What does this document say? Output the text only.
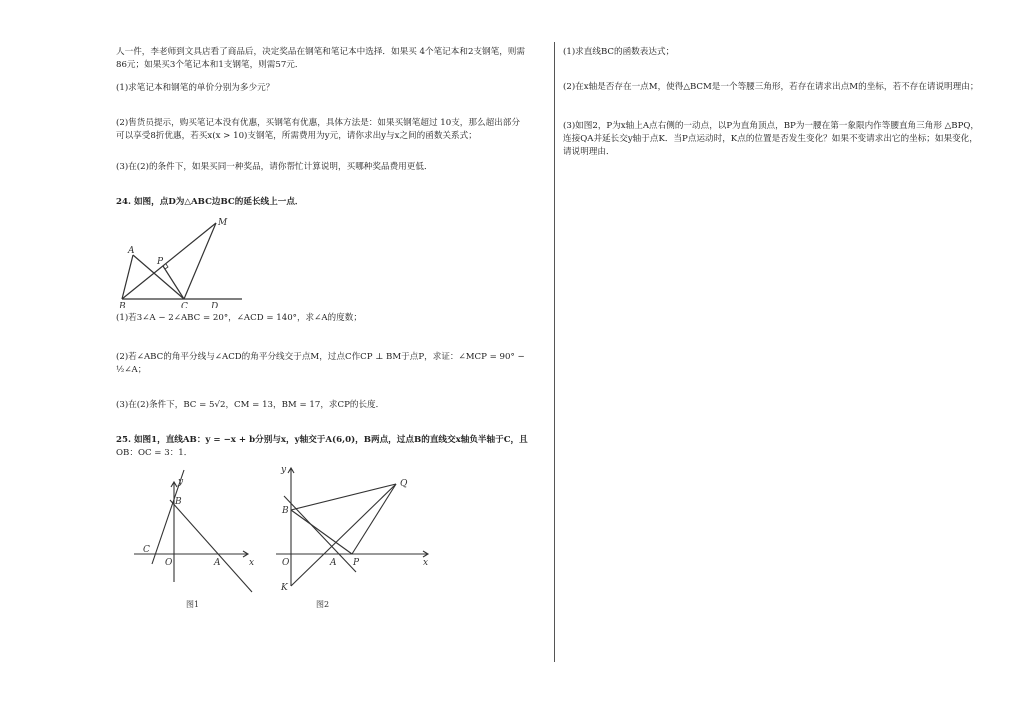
人一件，李老师到文具店看了商品后，决定奖品在钢笔和笔记本中选择．如果买 4个笔记本和2支钢笔，则需

86元；如果买3个笔记本和1支钢笔，则需57元．

(1)求笔记本和钢笔的单价分别为多少元？

(2)售货员提示，购买笔记本没有优惠，买钢笔有优惠，具体方法是：如果买钢笔超过 10支，那么超出部分

可以享受8折优惠，若买x(x > 10)支钢笔，所需费用为y元，请你求出y与x之间的函数关系式；

(3)在(2)的条件下，如果买同一种奖品，请你帮忙计算说明，买哪种奖品费用更低．

24. 如图，点D为△ABC边BC的延长线上一点．

A
P
M
B	C	D

(1)若3∠A − 2∠ABC = 20°，∠ACD = 140°，求∠A的度数；

(2)若∠ABC的角平分线与∠ACD的角平分线交于点M，过点C作CP ⊥ BM于点P，求证：∠MCP = 90° − ½∠A；

(3)在(2)条件下，BC = 5√2，CM = 13，BM = 17，求CP的长度．

25. 如图1，直线AB：y = −x + b分别与x，y轴交于A(6,0)，B两点，过点B的直线交x轴负半轴于C，且

OB：OC = 3：1．

y
B
C
O	A	x
图1
y
B
Q
O	A P	x
K
图2

(1)求直线BC的函数表达式；

(2)在x轴是否存在一点M，使得△BCM是一个等腰三角形，若存在请求出点M的坐标，若不存在请说明理由；

(3)如图2，P为x轴上A点右侧的一动点，以P为直角顶点，BP为一腰在第一象限内作等腰直角三角形 △BPQ，

连接QA并延长交y轴于点K．当P点运动时，K点的位置是否发生变化？如果不变请求出它的坐标；如果变化，

请说明理由．
